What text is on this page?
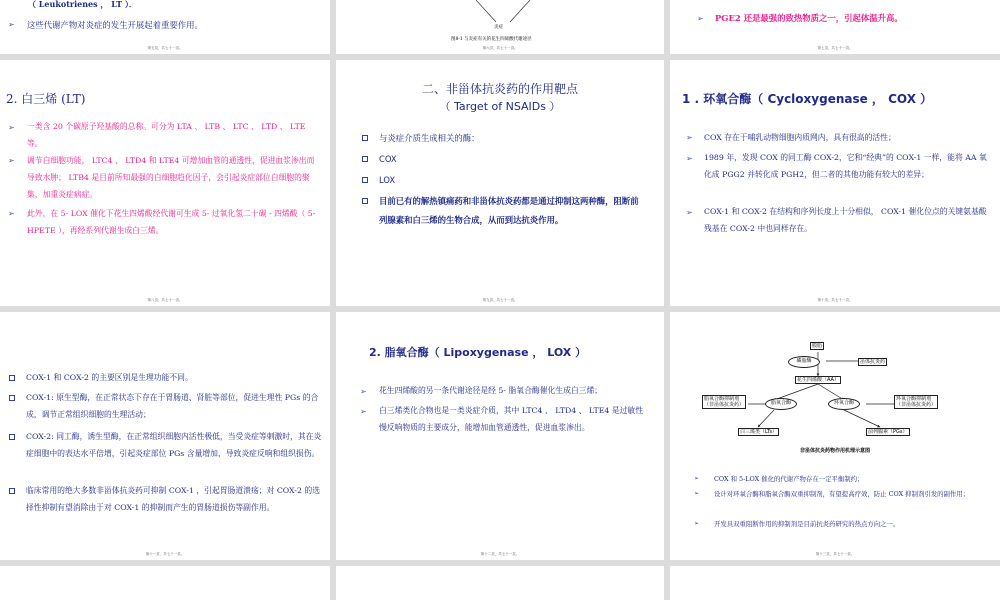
（ Leukotrienes ， LT ）．
➢ 这些代谢产物对炎症的发生开展起着重要作用。
第五页，共七十一页。
炎症
图8-1 与炎症有关的花生四烯酸代谢途径
第六页，共七十一页。
➢ PGE2 还是最强的致热物质之一，引起体温升高。
第七页，共七十一页。
2. 白三烯 (LT)
➢ 一类含 20 个碳原子羟基酸的总称。可分为 LTA 、 LTB 、 LTC 、 LTD 、 LTE 等。
➢ 调节白细胞功能， LTC4 、 LTD4 和 LTE4 可增加血管的通透性，促进血浆渗出而导致水肿； LTB4 是目前所知最强的白细胞趋化因子，会引起炎症部位白细胞的聚集，加重炎症病症。
➢ 此外，在 5- LOX 催化下花生四烯酸经代谢可生成 5- 过氧化氢二十碳 - 四烯酸（ 5-HPETE ），再经系列代谢生成白三烯。
第八页，共七十一页。
二、非甾体抗炎药的作用靶点
（ Target of NSAIDs ）
与炎症介质生成相关的酶：
COX
LOX
目前已有的解热镇痛药和非甾体抗炎药都是通过抑制这两种酶，阻断前列腺素和白三烯的生物合成，从而到达抗炎作用。
第九页，共七十一页。
1 . 环氧合酶（ Cycloxygenase ， COX ）
➢ COX 存在于哺乳动物细胞内质网内，具有很高的活性；
➢ 1989 年，发现 COX 的同工酶 COX-2，它和“经典”的 COX-1 一样，能将 AA 氧化成 PGG2 并转化成 PGH2，但二者的其他功能有较大的差异；
➢ COX-1 和 COX-2 在结构和序列长度上十分相似， COX-1 催化位点的关键氨基酸残基在 COX-2 中也同样存在。
第十页，共七十一页。
COX-1 和 COX-2 的主要区别是生理功能不同。
COX-1: 原生型酶，在正常状态下存在于胃肠道、肾脏等部位，促进生理性 PGs 的合成，调节正常组织细胞的生理活动；
COX-2: 同工酶，诱生型酶，在正常组织细胞内活性极低，当受炎症等刺激时，其在炎症细胞中的表达水平倍增，引起炎症部位 PGs 含量增加，导致炎症反响和组织损伤。
临床常用的绝大多数非甾体抗炎药可抑制 COX-1 ，引起胃肠道溃疡；对 COX-2 的选择性抑制有望消除由于对 COX-1 的抑制而产生的胃肠道损伤等副作用。
第十一页，共七十一页。
2. 脂氧合酶（ Lipoxygenase ， LOX ）
➢ 花生四烯酸的另一条代谢途径是经 5- 脂氧合酶催化生成白三烯；
➢ 白三烯类化合物也是一类炎症介质，其中 LTC4 、 LTD4 、 LTE4 是过敏性慢反响物质的主要成分，能增加血管通透性，促进血浆渗出。
第十二页，共七十一页。
膜脂
磷脂酶	甾体抗炎药
花生四烯酸（AA）
脂氧合酶抑制剂
（非甾体抗炎药）	脂氧合酶	环氧合酶
环氧合酶抑制剂
（非甾体抗炎药）
白三烯类（LTs）	前列腺素（PGs）
非甾体抗炎药物作用机理示意图
➢ COX 和 5-LOX 催化的代谢产物存在一定平衡制约；
➢ 设计对环氧合酶和脂氧合酶双重抑制剂，有望提高疗效，防止 COX 抑制剂引发的副作用；
➢ 开发具双重阻断作用的抑制剂是目前抗炎药研究的热点方向之一。
第十三页，共七十一页。
